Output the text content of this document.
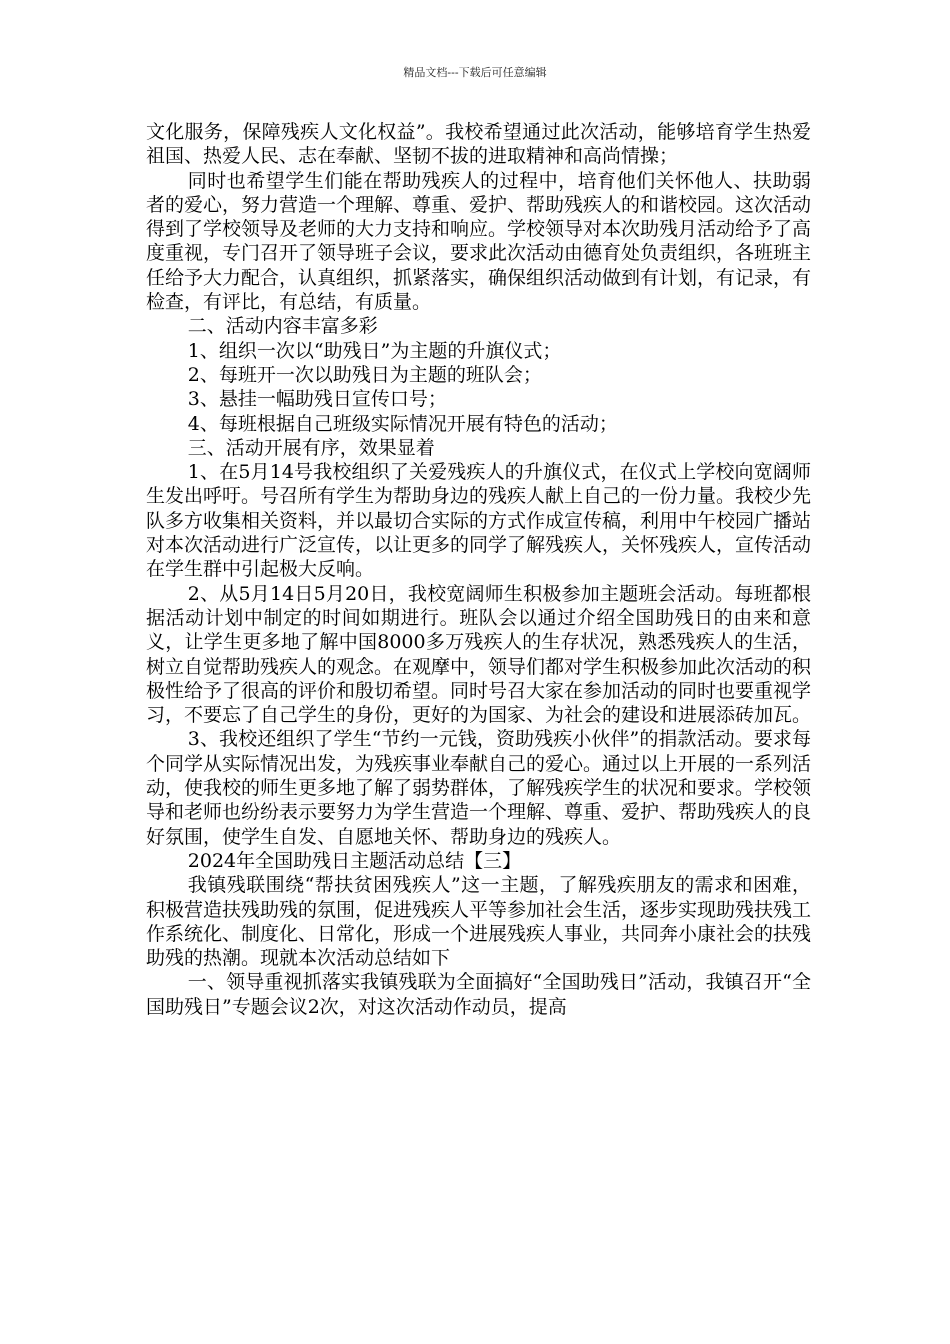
精品文档---下载后可任意编辑

文化服务，保障残疾人文化权益”。我校希望通过此次活动，能够培育学生热爱祖国、热爱人民、志在奉献、坚韧不拔的进取精神和高尚情操；

同时也希望学生们能在帮助残疾人的过程中，培育他们关怀他人、扶助弱者的爱心，努力营造一个理解、尊重、爱护、帮助残疾人的和谐校园。这次活动得到了学校领导及老师的大力支持和响应。学校领导对本次助残月活动给予了高度重视，专门召开了领导班子会议，要求此次活动由德育处负责组织，各班班主任给予大力配合，认真组织，抓紧落实，确保组织活动做到有计划，有记录，有检查，有评比，有总结，有质量。

二、活动内容丰富多彩

1、组织一次以“助残日”为主题的升旗仪式；

2、每班开一次以助残日为主题的班队会；

3、悬挂一幅助残日宣传口号；

4、每班根据自己班级实际情况开展有特色的活动；

三、活动开展有序，效果显着

1、在5月14号我校组织了关爱残疾人的升旗仪式，在仪式上学校向宽阔师生发出呼吁。号召所有学生为帮助身边的残疾人献上自己的一份力量。我校少先队多方收集相关资料，并以最切合实际的方式作成宣传稿，利用中午校园广播站对本次活动进行广泛宣传，以让更多的同学了解残疾人，关怀残疾人，宣传活动在学生群中引起极大反响。

2、从5月14日5月20日，我校宽阔师生积极参加主题班会活动。每班都根据活动计划中制定的时间如期进行。班队会以通过介绍全国助残日的由来和意义，让学生更多地了解中国8000多万残疾人的生存状况，熟悉残疾人的生活，树立自觉帮助残疾人的观念。在观摩中，领导们都对学生积极参加此次活动的积极性给予了很高的评价和殷切希望。同时号召大家在参加活动的同时也要重视学习，不要忘了自己学生的身份，更好的为国家、为社会的建设和进展添砖加瓦。

3、我校还组织了学生“节约一元钱，资助残疾小伙伴”的捐款活动。要求每个同学从实际情况出发，为残疾事业奉献自己的爱心。通过以上开展的一系列活动，使我校的师生更多地了解了弱势群体，了解残疾学生的状况和要求。学校领导和老师也纷纷表示要努力为学生营造一个理解、尊重、爱护、帮助残疾人的良好氛围，使学生自发、自愿地关怀、帮助身边的残疾人。

2024年全国助残日主题活动总结【三】

我镇残联围绕“帮扶贫困残疾人”这一主题，了解残疾朋友的需求和困难，积极营造扶残助残的氛围，促进残疾人平等参加社会生活，逐步实现助残扶残工作系统化、制度化、日常化，形成一个进展残疾人事业，共同奔小康社会的扶残助残的热潮。现就本次活动总结如下

一、领导重视抓落实我镇残联为全面搞好“全国助残日”活动，我镇召开“全国助残日”专题会议2次，对这次活动作动员，提高
